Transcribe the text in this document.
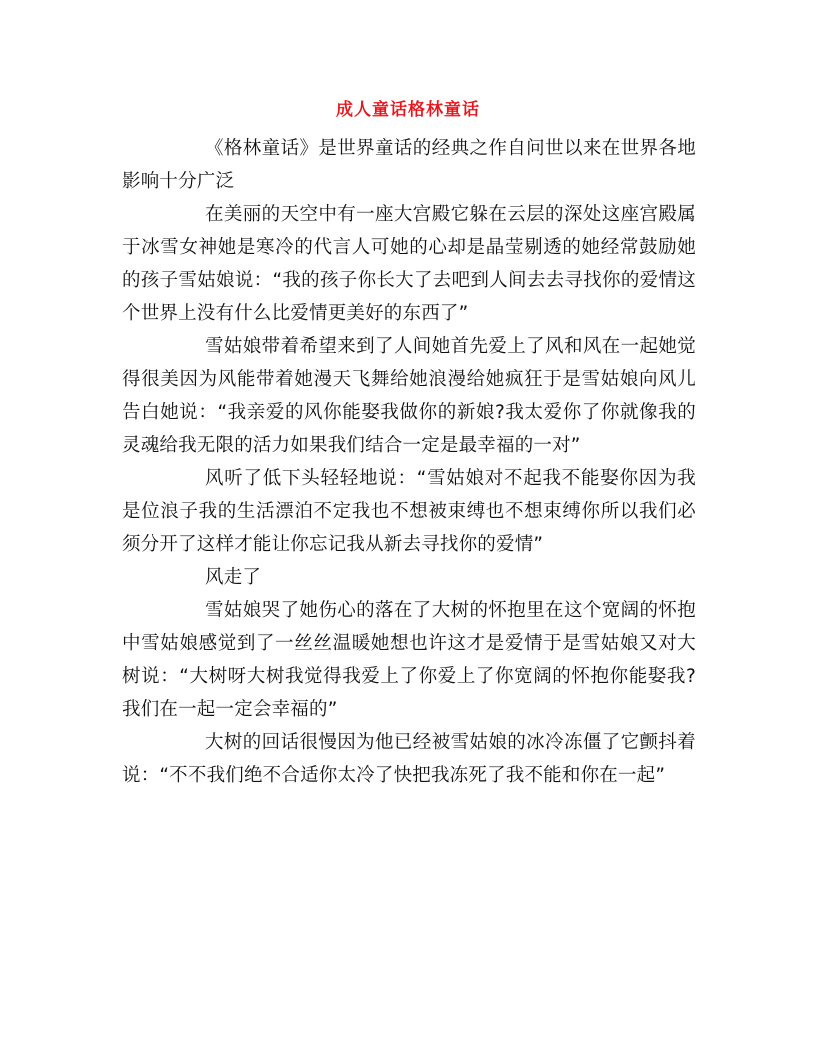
成人童话格林童话

《格林童话》是世界童话的经典之作自问世以来在世界各地影响十分广泛

在美丽的天空中有一座大宫殿它躲在云层的深处这座宫殿属于冰雪女神她是寒冷的代言人可她的心却是晶莹剔透的她经常鼓励她的孩子雪姑娘说：“我的孩子你长大了去吧到人间去去寻找你的爱情这个世界上没有什么比爱情更美好的东西了”

雪姑娘带着希望来到了人间她首先爱上了风和风在一起她觉得很美因为风能带着她漫天飞舞给她浪漫给她疯狂于是雪姑娘向风儿告白她说：“我亲爱的风你能娶我做你的新娘?我太爱你了你就像我的灵魂给我无限的活力如果我们结合一定是最幸福的一对”

风听了低下头轻轻地说：“雪姑娘对不起我不能娶你因为我是位浪子我的生活漂泊不定我也不想被束缚也不想束缚你所以我们必须分开了这样才能让你忘记我从新去寻找你的爱情”

风走了

雪姑娘哭了她伤心的落在了大树的怀抱里在这个宽阔的怀抱中雪姑娘感觉到了一丝丝温暖她想也许这才是爱情于是雪姑娘又对大树说：“大树呀大树我觉得我爱上了你爱上了你宽阔的怀抱你能娶我?我们在一起一定会幸福的”

大树的回话很慢因为他已经被雪姑娘的冰冷冻僵了它颤抖着说：“不不我们绝不合适你太冷了快把我冻死了我不能和你在一起”
